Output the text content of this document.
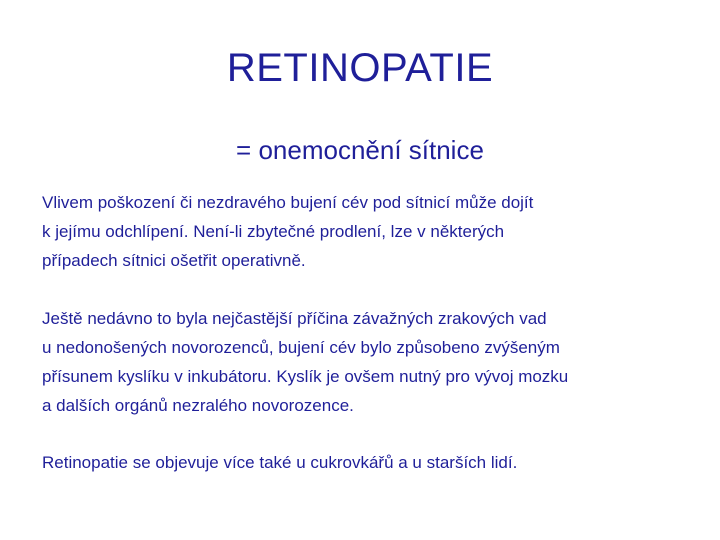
RETINOPATIE

= onemocnění sítnice

Vlivem poškození či nezdravého bujení cév pod sítnicí může dojít
k jejímu odchlípení. Není-li zbytečné prodlení, lze v některých
případech sítnici ošetřit operativně.

Ještě nedávno to byla nejčastější příčina závažných zrakových vad
u nedonošených novorozenců, bujení cév bylo způsobeno zvýšeným
přísunem kyslíku v inkubátoru. Kyslík je ovšem nutný pro vývoj mozku
a dalších orgánů nezralého novorozence.

Retinopatie se objevuje více také u cukrovkářů a u starších lidí.
